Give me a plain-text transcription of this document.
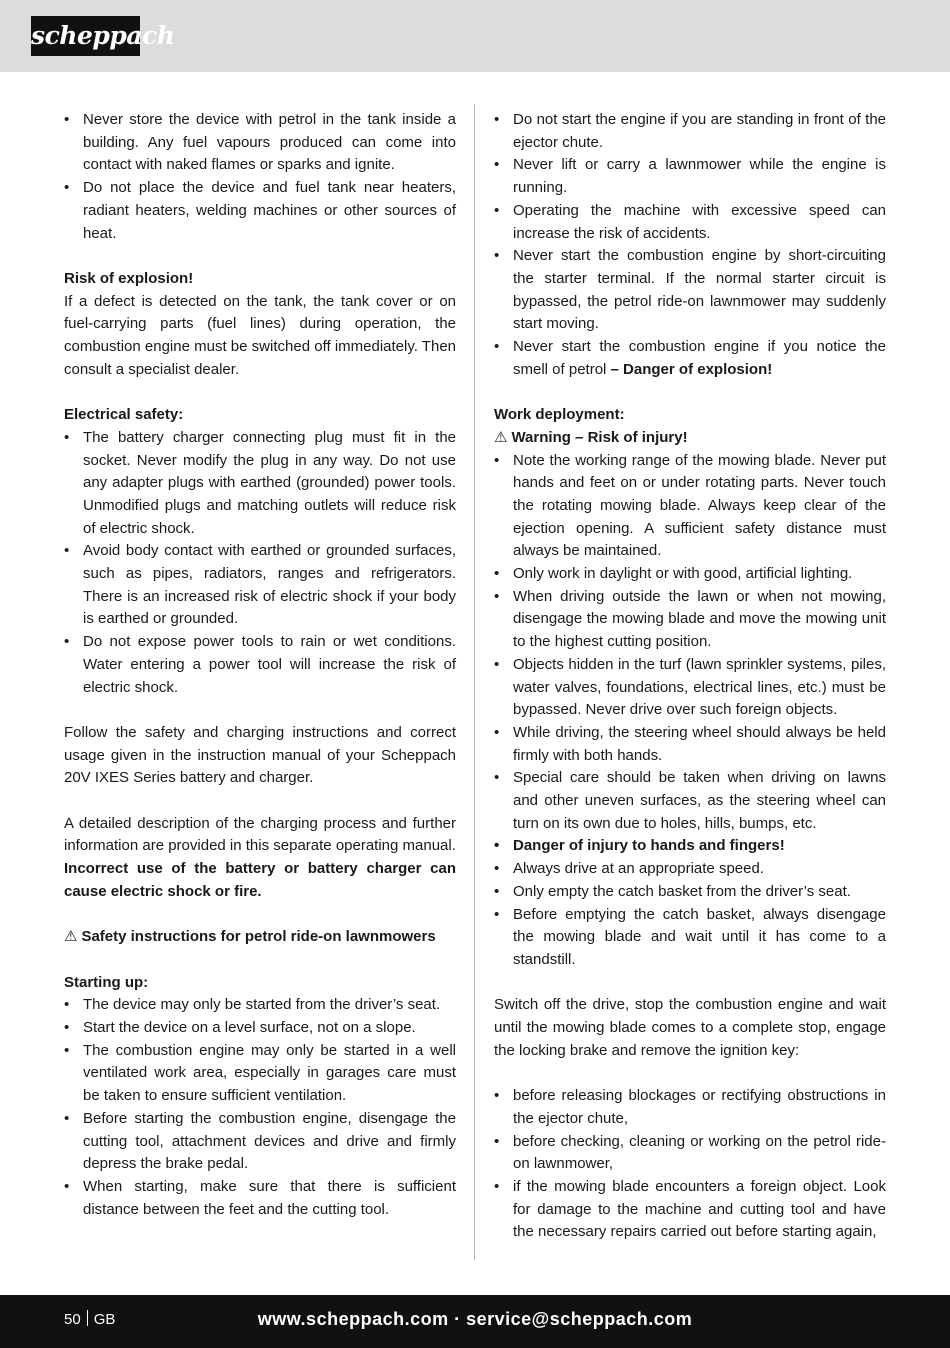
scheppach
• Never store the device with petrol in the tank inside a building. Any fuel vapours produced can come into contact with naked flames or sparks and ignite.
• Do not place the device and fuel tank near heaters, radiant heaters, welding machines or other sources of heat.

Risk of explosion!

If a defect is detected on the tank, the tank cover or on fuel-carrying parts (fuel lines) during operation, the combustion engine must be switched off immediately. Then consult a specialist dealer.

Electrical safety:

• The battery charger connecting plug must fit in the socket. Never modify the plug in any way. Do not use any adapter plugs with earthed (grounded) power tools. Unmodified plugs and matching outlets will reduce risk of electric shock.
• Avoid body contact with earthed or grounded surfaces, such as pipes, radiators, ranges and refrigerators. There is an increased risk of electric shock if your body is earthed or grounded.
• Do not expose power tools to rain or wet conditions. Water entering a power tool will increase the risk of electric shock.

Follow the safety and charging instructions and correct usage given in the instruction manual of your Scheppach 20V IXES Series battery and charger.

A detailed description of the charging process and further information are provided in this separate operating manual.

Incorrect use of the battery or battery charger can cause electric shock or fire.

⚠ Safety instructions for petrol ride-on lawnmowers

Starting up:

• The device may only be started from the driver’s seat.
• Start the device on a level surface, not on a slope.
• The combustion engine may only be started in a well ventilated work area, especially in garages care must be taken to ensure sufficient ventilation.
• Before starting the combustion engine, disengage the cutting tool, attachment devices and drive and firmly depress the brake pedal.
• When starting, make sure that there is sufficient distance between the feet and the cutting tool.
• Do not start the engine if you are standing in front of the ejector chute.
• Never lift or carry a lawnmower while the engine is running.
• Operating the machine with excessive speed can increase the risk of accidents.
• Never start the combustion engine by short-circuiting the starter terminal. If the normal starter circuit is bypassed, the petrol ride-on lawnmower may suddenly start moving.
• Never start the combustion engine if you notice the smell of petrol – Danger of explosion!

Work deployment:

⚠ Warning – Risk of injury!

• Note the working range of the mowing blade. Never put hands and feet on or under rotating parts. Never touch the rotating mowing blade. Always keep clear of the ejection opening. A sufficient safety distance must always be maintained.
• Only work in daylight or with good, artificial lighting.
• When driving outside the lawn or when not mowing, disengage the mowing blade and move the mowing unit to the highest cutting position.
• Objects hidden in the turf (lawn sprinkler systems, piles, water valves, foundations, electrical lines, etc.) must be bypassed. Never drive over such foreign objects.
• While driving, the steering wheel should always be held firmly with both hands.
• Special care should be taken when driving on lawns and other uneven surfaces, as the steering wheel can turn on its own due to holes, hills, bumps, etc.
• Danger of injury to hands and fingers!
• Always drive at an appropriate speed.
• Only empty the catch basket from the driver’s seat.
• Before emptying the catch basket, always disengage the mowing blade and wait until it has come to a standstill.

Switch off the drive, stop the combustion engine and wait until the mowing blade comes to a complete stop, engage the locking brake and remove the ignition key:

• before releasing blockages or rectifying obstructions in the ejector chute,
• before checking, cleaning or working on the petrol ride-on lawnmower,
• if the mowing blade encounters a foreign object. Look for damage to the machine and cutting tool and have the necessary repairs carried out before starting again,
50 GB	www.scheppach.com · service@scheppach.com
